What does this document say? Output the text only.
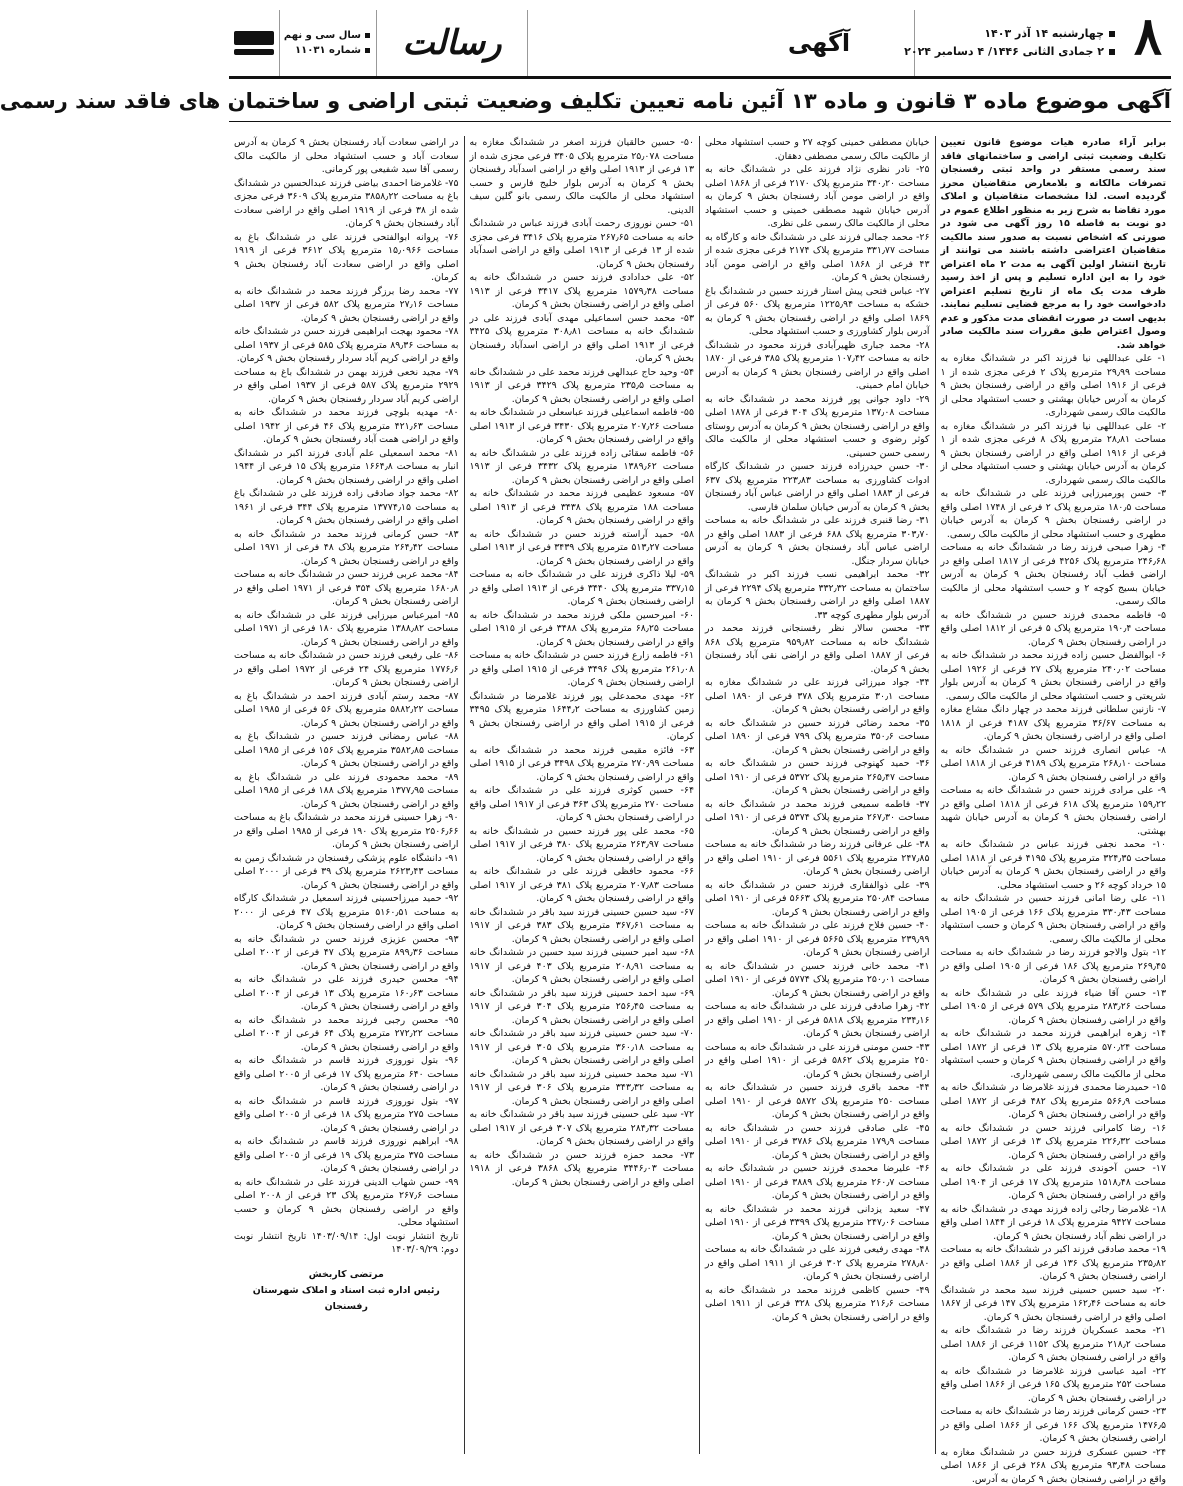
۸
چهارشنبه ۱۴ آذر ۱۴۰۳
۲ جمادی الثانی ۱۴۴۶/ ۴ دسامبر ۲۰۲۴
آگهی
رسالت
سال سی و نهم
شماره ۱۱۰۳۱
آگهی موضوع ماده ۳ قانون و ماده ۱۳ آئین نامه تعیین تکلیف وضعیت ثبتی اراضی و ساختمان های فاقد سند رسمی

برابر آراء صادره هیات موضوع قانون تعیین تکلیف وضعیت ثبتی اراضی و ساختمانهای فاقد سند رسمی مستقر در واحد ثبتی رفسنجان تصرفات مالکانه و بلامعارض متقاضیان محرز گردیده است. لذا مشخصات متقاضیان و املاک مورد تقاضا به شرح زیر به منظور اطلاع عموم در دو نوبت به فاصله ۱۵ روز آگهی می شود در صورتی که اشخاص نسبت به صدور سند مالکیت متقاضیان اعتراضی داشته باشند می توانند از تاریخ انتشار اولین آگهی به مدت ۲ ماه اعتراض خود را به این اداره تسلیم و پس از اخذ رسید ظرف مدت یک ماه از تاریخ تسلیم اعتراض دادخواست خود را به مرجع قضایی تسلیم نمایند. بدیهی است در صورت انقضای مدت مذکور و عدم وصول اعتراض طبق مقررات سند مالکیت صادر خواهد شد.

۱- علی عبداللهی نیا فرزند اکبر در ششدانگ مغازه به مساحت ۲۹٫۹۹ مترمربع پلاک ۲ فرعی مجزی شده از ۱ فرعی از ۱۹۱۶ اصلی واقع در اراضی رفسنجان بخش ۹ کرمان به آدرس خیابان بهشتی و حسب استشهاد محلی از مالکیت مالک رسمی شهرداری.

۲- علی عبداللهی نیا فرزند اکبر در ششدانگ مغازه به مساحت ۲۸٫۸۱ مترمربع پلاک ۸ فرعی مجزی شده از ۱ فرعی از ۱۹۱۶ اصلی واقع در اراضی رفسنجان بخش ۹ کرمان به آدرس خیابان بهشتی و حسب استشهاد محلی از مالکیت مالک رسمی شهرداری.

۳- حسن پورمیرزایی فرزند علی در ششدانگ خانه به مساحت ۱۸۰٫۵ مترمربع پلاک ۲ فرعی از ۱۷۴۸ اصلی واقع در اراضی رفسنجان بخش ۹ کرمان به آدرس خیابان مطهری و حسب استشهاد محلی از مالکیت مالک رسمی.

۴- زهرا صبحی فرزند رضا در ششدانگ خانه به مساحت ۲۴۶٫۶۸ مترمربع پلاک ۴۲۵۶ فرعی از ۱۸۱۷ اصلی واقع در اراضی قطب آباد رفسنجان بخش ۹ کرمان به آدرس خیابان بسیج کوچه ۲ و حسب استشهاد محلی از مالکیت مالک رسمی.

۵- فاطمه محمدی فرزند حسین در ششدانگ خانه به مساحت ۱۹۰٫۴ مترمربع پلاک ۵ فرعی از ۱۸۱۲ اصلی واقع در اراضی رفسنجان بخش ۹ کرمان.

۶- ابوالفضل حسین زاده فرزند محمد در ششدانگ خانه به مساحت ۲۴۰٫۰۲ مترمربع پلاک ۲۷ فرعی از ۱۹۲۶ اصلی واقع در اراضی رفسنجان بخش ۹ کرمان به آدرس بلوار شریعتی و حسب استشهاد محلی از مالکیت مالک رسمی.

۷- نازنین سلطانی فرزند محمد در چهار دانگ مشاع مغازه به مساحت ۳۶/۶۷ مترمربع پلاک ۴۱۸۷ فرعی از ۱۸۱۸ اصلی واقع در اراضی رفسنجان بخش ۹ کرمان.

۸- عباس انصاری فرزند حسن در ششدانگ خانه به مساحت ۲۶۸٫۱۰ مترمربع پلاک ۴۱۸۹ فرعی از ۱۸۱۸ اصلی واقع در اراضی رفسنجان بخش ۹ کرمان.

۹- علی مرادی فرزند حسن در ششدانگ خانه به مساحت ۱۵۹٫۲۲ مترمربع پلاک ۶۱۸ فرعی از ۱۸۱۸ اصلی واقع در اراضی رفسنجان بخش ۹ کرمان به آدرس خیابان شهید بهشتی.

۱۰- محمد نجفی فرزند عباس در ششدانگ خانه به مساحت ۳۲۴٫۳۵ مترمربع پلاک ۴۱۹۵ فرعی از ۱۸۱۸ اصلی واقع در اراضی رفسنجان بخش ۹ کرمان به آدرس خیابان ۱۵ خرداد کوچه ۲۶ و حسب استشهاد محلی.

۱۱- علی رضا امانی فرزند حسین در ششدانگ خانه به مساحت ۳۳۰٫۴۳ مترمربع پلاک ۱۶۶ فرعی از ۱۹۰۵ اصلی واقع در اراضی رفسنجان بخش ۹ کرمان و حسب استشهاد محلی از مالکیت مالک رسمی.

۱۲- بتول والاجو فرزند رضا در ششدانگ خانه به مساحت ۲۶۹٫۴۵ مترمربع پلاک ۱۸۶ فرعی از ۱۹۰۵ اصلی واقع در اراضی رفسنجان بخش ۹ کرمان.

۱۳- حسن آقا ضیاء فرزند علی در ششدانگ خانه به مساحت ۲۸۳٫۲۶ مترمربع پلاک ۵۷۹ فرعی از ۱۹۰۵ اصلی واقع در اراضی رفسنجان بخش ۹ کرمان.

۱۴- زهره ابراهیمی فرزند محمد در ششدانگ خانه به مساحت ۵۷۰٫۲۴ مترمربع پلاک ۱۳ فرعی از ۱۸۷۲ اصلی واقع در اراضی رفسنجان بخش ۹ کرمان و حسب استشهاد محلی از مالکیت مالک رسمی شهرداری.

۱۵- حمیدرضا محمدی فرزند غلامرضا در ششدانگ خانه به مساحت ۵۶۶٫۹ مترمربع پلاک ۴۸۲ فرعی از ۱۸۷۲ اصلی واقع در اراضی رفسنجان بخش ۹ کرمان.

۱۶- رضا کامرانی فرزند حسن در ششدانگ خانه به مساحت ۲۲۶٫۳۲ مترمربع پلاک ۱۳ فرعی از ۱۸۷۲ اصلی واقع در اراضی رفسنجان بخش ۹ کرمان.

۱۷- حسن آخوندی فرزند علی در ششدانگ خانه به مساحت ۱۵۱۸٫۴۸ مترمربع پلاک ۱۷ فرعی از ۱۹۰۴ اصلی واقع در اراضی رفسنجان بخش ۹ کرمان.

۱۸- غلامرضا رجائی زاده فرزند مهدی در ششدانگ خانه به مساحت ۹۴۲۷ مترمربع پلاک ۱۸ فرعی از ۱۸۴۴ اصلی واقع در اراضی نظم آباد رفسنجان بخش ۹ کرمان.

۱۹- محمد صادقی فرزند اکبر در ششدانگ خانه به مساحت ۲۳۵٫۸۲ مترمربع پلاک ۱۳۶ فرعی از ۱۸۸۶ اصلی واقع در اراضی رفسنجان بخش ۹ کرمان.

۲۰- سید حسین حسینی فرزند سید محمد در ششدانگ خانه به مساحت ۱۶۲٫۴۶ مترمربع پلاک ۱۴۷ فرعی از ۱۸۶۷ اصلی واقع در اراضی رفسنجان بخش ۹ کرمان.

۲۱- محمد عسکریان فرزند رضا در ششدانگ خانه به مساحت ۲۱۸٫۲ مترمربع پلاک ۱۱۵۲ فرعی از ۱۸۸۶ اصلی واقع در اراضی رفسنجان بخش ۹ کرمان.

۲۲- امید عباسی فرزند غلامرضا در ششدانگ خانه به مساحت ۲۵۲ مترمربع پلاک ۱۶۵ فرعی از ۱۸۶۶ اصلی واقع در اراضی رفسنجان بخش ۹ کرمان.

۲۳- حسن کرمانی فرزند رضا در ششدانگ خانه به مساحت ۱۴۷۶٫۵ مترمربع پلاک ۱۶۶ فرعی از ۱۸۶۶ اصلی واقع در اراضی رفسنجان بخش ۹ کرمان.

۲۴- حسین عسکری فرزند حسن در ششدانگ مغازه به مساحت ۹۳٫۴۸ مترمربع پلاک ۲۶۸ فرعی از ۱۸۶۶ اصلی واقع در اراضی رفسنجان بخش ۹ کرمان به آدرس.

خیابان مصطفی خمینی کوچه ۲۷ و حسب استشهاد محلی از مالکیت مالک رسمی مصطفی دهقان.

۲۵- نادر نظری نژاد فرزند علی در ششدانگ خانه به مساحت ۳۴۰٫۲۰ مترمربع پلاک ۲۱۷۰ فرعی از ۱۸۶۸ اصلی واقع در اراضی مومن آباد رفسنجان بخش ۹ کرمان به آدرس خیابان شهید مصطفی خمینی و حسب استشهاد محلی از مالکیت مالک رسمی علی نظری.

۲۶- محمد جمالی فرزند علی در ششدانگ خانه و کارگاه به مساحت ۳۳۱٫۷۷ مترمربع پلاک ۲۱۷۴ فرعی مجزی شده از ۴۳ فرعی از ۱۸۶۸ اصلی واقع در اراضی مومن آباد رفسنجان بخش ۹ کرمان.

۲۷- عباس فتحی پیش استار فرزند حسین در ششدانگ باغ خشکه به مساحت ۱۲۲۵٫۹۴ مترمربع پلاک ۵۶۰ فرعی از ۱۸۶۹ اصلی واقع در اراضی رفسنجان بخش ۹ کرمان به آدرس بلوار کشاورزی و حسب استشهاد محلی.

۲۸- محمد جباری ظهیرآبادی فرزند محمود در ششدانگ خانه به مساحت ۱۰۷٫۴۲ مترمربع پلاک ۳۸۵ فرعی از ۱۸۷۰ اصلی واقع در اراضی رفسنجان بخش ۹ کرمان به آدرس خیابان امام خمینی.

۲۹- داود جوانی پور فرزند محمد در ششدانگ خانه به مساحت ۱۳۷٫۰۸ مترمربع پلاک ۳۰۴ فرعی از ۱۸۷۸ اصلی واقع در اراضی رفسنجان بخش ۹ کرمان به آدرس روستای کوثر رضوی و حسب استشهاد محلی از مالکیت مالک رسمی حسن حسینی.

۳۰- حسن حیدرزاده فرزند حسین در ششدانگ کارگاه ادوات کشاورزی به مساحت ۲۲۳٫۸۳ مترمربع پلاک ۶۳۷ فرعی از ۱۸۸۳ اصلی واقع در اراضی عباس آباد رفسنجان بخش ۹ کرمان به آدرس خیابان سلمان فارسی.

۳۱- رضا قنبری فرزند علی در ششدانگ خانه به مساحت ۳۰۳٫۷۰ مترمربع پلاک ۶۸۸ فرعی از ۱۸۸۳ اصلی واقع در اراضی عباس آباد رفسنجان بخش ۹ کرمان به آدرس خیابان سردار جنگل.

۳۲- محمد ابراهیمی نسب فرزند اکبر در ششدانگ ساختمان به مساحت ۳۳۲٫۳۲ مترمربع پلاک ۲۲۹۴ فرعی از ۱۸۸۷ اصلی واقع در اراضی رفسنجان بخش ۹ کرمان به آدرس بلوار مطهری کوچه ۳۳.

۳۳- محسن سالار نظر رفسنجانی فرزند محمد در ششدانگ خانه به مساحت ۹۵۹٫۸۲ مترمربع پلاک ۸۶۸ فرعی از ۱۸۸۷ اصلی واقع در اراضی نقی آباد رفسنجان بخش ۹ کرمان.

۳۴- جواد میرزائی فرزند علی در ششدانگ مغازه به مساحت ۳۰٫۱ مترمربع پلاک ۳۷۸ فرعی از ۱۸۹۰ اصلی واقع در اراضی رفسنجان بخش ۹ کرمان.

۳۵- محمد رضائی فرزند حسین در ششدانگ خانه به مساحت ۳۵۰٫۶ مترمربع پلاک ۷۹۹ فرعی از ۱۸۹۰ اصلی واقع در اراضی رفسنجان بخش ۹ کرمان.

۳۶- حمید کهنوجی فرزند حسن در ششدانگ خانه به مساحت ۲۶۵٫۴۷ مترمربع پلاک ۵۳۷۲ فرعی از ۱۹۱۰ اصلی واقع در اراضی رفسنجان بخش ۹ کرمان.

۳۷- فاطمه سمیعی فرزند محمد در ششدانگ خانه به مساحت ۲۶۷٫۳۰ مترمربع پلاک ۵۳۷۴ فرعی از ۱۹۱۰ اصلی واقع در اراضی رفسنجان بخش ۹ کرمان.

۳۸- علی عرفانی فرزند رضا در ششدانگ خانه به مساحت ۲۴۷٫۸۵ مترمربع پلاک ۵۵۶۱ فرعی از ۱۹۱۰ اصلی واقع در اراضی رفسنجان بخش ۹ کرمان.

۳۹- علی ذوالفقاری فرزند حسن در ششدانگ خانه به مساحت ۲۵۰٫۸۴ مترمربع پلاک ۵۶۶۳ فرعی از ۱۹۱۰ اصلی واقع در اراضی رفسنجان بخش ۹ کرمان.

۴۰- حسین فلاح فرزند علی در ششدانگ خانه به مساحت ۲۳۹٫۹۹ مترمربع پلاک ۵۶۶۵ فرعی از ۱۹۱۰ اصلی واقع در اراضی رفسنجان بخش ۹ کرمان.

۴۱- محمد خانی فرزند حسین در ششدانگ خانه به مساحت ۲۵۰٫۰۱ مترمربع پلاک ۵۷۷۴ فرعی از ۱۹۱۰ اصلی واقع در اراضی رفسنجان بخش ۹ کرمان.

۴۲- زهرا صادقی فرزند علی در ششدانگ خانه به مساحت ۲۳۴٫۱۶ مترمربع پلاک ۵۸۱۸ فرعی از ۱۹۱۰ اصلی واقع در اراضی رفسنجان بخش ۹ کرمان.

۴۳- حسن مومنی فرزند علی در ششدانگ خانه به مساحت ۲۵۰ مترمربع پلاک ۵۸۶۲ فرعی از ۱۹۱۰ اصلی واقع در اراضی رفسنجان بخش ۹ کرمان.

۴۴- محمد باقری فرزند حسین در ششدانگ خانه به مساحت ۲۵۰ مترمربع پلاک ۵۸۷۲ فرعی از ۱۹۱۰ اصلی واقع در اراضی رفسنجان بخش ۹ کرمان.

۴۵- علی صادقی فرزند حسن در ششدانگ خانه به مساحت ۱۷۹٫۹ مترمربع پلاک ۳۷۸۶ فرعی از ۱۹۱۰ اصلی واقع در اراضی رفسنجان بخش ۹ کرمان.

۴۶- علیرضا محمدی فرزند حسین در ششدانگ خانه به مساحت ۲۶۰٫۷ مترمربع پلاک ۳۸۸۹ فرعی از ۱۹۱۰ اصلی واقع در اراضی رفسنجان بخش ۹ کرمان.

۴۷- سعید یزدانی فرزند محمد در ششدانگ خانه به مساحت ۲۴۷٫۰۶ مترمربع پلاک ۳۳۹۹ فرعی از ۱۹۱۰ اصلی واقع در اراضی رفسنجان بخش ۹ کرمان.

۴۸- مهدی رفیعی فرزند علی در ششدانگ خانه به مساحت ۲۷۸٫۸۰ مترمربع پلاک ۳۰۲ فرعی از ۱۹۱۱ اصلی واقع در اراضی رفسنجان بخش ۹ کرمان.

۴۹- حسین کاظمی فرزند محمد در ششدانگ خانه به مساحت ۲۱۶٫۶ مترمربع پلاک ۳۲۸ فرعی از ۱۹۱۱ اصلی واقع در اراضی رفسنجان بخش ۹ کرمان.

۵۰- حسین خالقیان فرزند اصغر در ششدانگ مغازه به مساحت ۲۵٫۰۷۸ مترمربع پلاک ۳۴۰۵ فرعی مجزی شده از ۱۳ فرعی از ۱۹۱۳ اصلی واقع در اراضی اسدآباد رفسنجان بخش ۹ کرمان به آدرس بلوار خلیج فارس و حسب استشهاد محلی از مالکیت مالک رسمی بانو گلین سیف الدینی.

۵۱- حسن نوروزی رحمت آبادی فرزند عباس در ششدانگ خانه به مساحت ۲۶۷٫۶۵ مترمربع پلاک ۳۴۱۶ فرعی مجزی شده از ۱۳ فرعی از ۱۹۱۳ اصلی واقع در اراضی اسدآباد رفسنجان بخش ۹ کرمان.

۵۲- علی خدادادی فرزند حسن در ششدانگ خانه به مساحت ۱۵۷۹٫۳۸ مترمربع پلاک ۳۴۱۷ فرعی از ۱۹۱۳ اصلی واقع در اراضی رفسنجان بخش ۹ کرمان.

۵۳- محمد حسن اسماعیلی مهدی آبادی فرزند علی در ششدانگ خانه به مساحت ۳۰۸٫۸۱ مترمربع پلاک ۳۴۲۵ فرعی از ۱۹۱۳ اصلی واقع در اراضی اسدآباد رفسنجان بخش ۹ کرمان.

۵۴- وحید حاج عبدالهی فرزند محمد علی در ششدانگ خانه به مساحت ۲۳۵٫۵ مترمربع پلاک ۳۴۲۹ فرعی از ۱۹۱۳ اصلی واقع در اراضی رفسنجان بخش ۹ کرمان.

۵۵- فاطمه اسماعیلی فرزند عباسعلی در ششدانگ خانه به مساحت ۲۰۷٫۲۶ مترمربع پلاک ۳۴۳۰ فرعی از ۱۹۱۳ اصلی واقع در اراضی رفسنجان بخش ۹ کرمان.

۵۶- فاطمه سقائی زاده فرزند علی در ششدانگ خانه به مساحت ۱۳۸۹٫۶۲ مترمربع پلاک ۳۴۳۲ فرعی از ۱۹۱۳ اصلی واقع در اراضی رفسنجان بخش ۹ کرمان.

۵۷- مسعود عظیمی فرزند محمد در ششدانگ خانه به مساحت ۱۸۸ مترمربع پلاک ۳۴۳۸ فرعی از ۱۹۱۳ اصلی واقع در اراضی رفسنجان بخش ۹ کرمان.

۵۸- حمید آراسته فرزند حسن در ششدانگ خانه به مساحت ۵۱۳٫۲۷ مترمربع پلاک ۳۴۳۹ فرعی از ۱۹۱۳ اصلی واقع در اراضی رفسنجان بخش ۹ کرمان.

۵۹- لیلا ذاکری فرزند علی در ششدانگ خانه به مساحت ۳۳۷٫۱۵ مترمربع پلاک ۳۴۴۰ فرعی از ۱۹۱۳ اصلی واقع در اراضی رفسنجان بخش ۹ کرمان.

۶۰- امیرحسین ملکی فرزند محمد در ششدانگ خانه به مساحت ۶۸٫۲۵ مترمربع پلاک ۳۴۸۸ فرعی از ۱۹۱۵ اصلی واقع در اراضی رفسنجان بخش ۹ کرمان.

۶۱- فاطمه زارع فرزند حسن در ششدانگ خانه به مساحت ۲۶۱٫۰۸ مترمربع پلاک ۳۴۹۶ فرعی از ۱۹۱۵ اصلی واقع در اراضی رفسنجان بخش ۹ کرمان.

۶۲- مهدی محمدعلی پور فرزند غلامرضا در ششدانگ زمین کشاورزی به مساحت ۱۶۴۴٫۲ مترمربع پلاک ۳۴۹۵ فرعی از ۱۹۱۵ اصلی واقع در اراضی رفسنجان بخش ۹ کرمان.

۶۳- فائزه مقیمی فرزند محمد در ششدانگ خانه به مساحت ۲۷۰٫۹۹ مترمربع پلاک ۳۴۹۸ فرعی از ۱۹۱۵ اصلی واقع در اراضی رفسنجان بخش ۹ کرمان.

۶۴- حسین کوثری فرزند علی در ششدانگ خانه به مساحت ۲۷۰ مترمربع پلاک ۳۶۳ فرعی از ۱۹۱۷ اصلی واقع در اراضی رفسنجان بخش ۹ کرمان.

۶۵- محمد علی پور فرزند حسین در ششدانگ خانه به مساحت ۲۶۳٫۹۷ مترمربع پلاک ۳۸۰ فرعی از ۱۹۱۷ اصلی واقع در اراضی رفسنجان بخش ۹ کرمان.

۶۶- محمود حافظی فرزند علی در ششدانگ خانه به مساحت ۲۰۷٫۸۳ مترمربع پلاک ۳۸۱ فرعی از ۱۹۱۷ اصلی واقع در اراضی رفسنجان بخش ۹ کرمان.

۶۷- سید حسین حسینی فرزند سید باقر در ششدانگ خانه به مساحت ۳۶۷٫۶۱ مترمربع پلاک ۳۸۳ فرعی از ۱۹۱۷ اصلی واقع در اراضی رفسنجان بخش ۹ کرمان.

۶۸- سید امیر حسینی فرزند سید حسین در ششدانگ خانه به مساحت ۲۰۸٫۹۱ مترمربع پلاک ۴۰۳ فرعی از ۱۹۱۷ اصلی واقع در اراضی رفسنجان بخش ۹ کرمان.

۶۹- سید احمد حسینی فرزند سید باقر در ششدانگ خانه به مساحت ۲۵۶٫۴۵ مترمربع پلاک ۳۰۴ فرعی از ۱۹۱۷ اصلی واقع در اراضی رفسنجان بخش ۹ کرمان.

۷۰- سید حسن حسینی فرزند سید باقر در ششدانگ خانه به مساحت ۳۶۰٫۱۸ مترمربع پلاک ۳۰۵ فرعی از ۱۹۱۷ اصلی واقع در اراضی رفسنجان بخش ۹ کرمان.

۷۱- سید محمد حسینی فرزند سید باقر در ششدانگ خانه به مساحت ۳۴۳٫۳۲ مترمربع پلاک ۳۰۶ فرعی از ۱۹۱۷ اصلی واقع در اراضی رفسنجان بخش ۹ کرمان.

۷۲- سید علی حسینی فرزند سید باقر در ششدانگ خانه به مساحت ۲۸۴٫۳۲ مترمربع پلاک ۳۰۷ فرعی از ۱۹۱۷ اصلی واقع در اراضی رفسنجان بخش ۹ کرمان.

۷۳- محمد حمزه فرزند حسن در ششدانگ خانه به مساحت ۳۴۴۶٫۰۳ مترمربع پلاک ۳۸۶۸ فرعی از ۱۹۱۸ اصلی واقع در اراضی رفسنجان بخش ۹ کرمان.

در اراضی سعادت آباد رفسنجان بخش ۹ کرمان به آدرس سعادت آباد و حسب استشهاد محلی از مالکیت مالک رسمی آقا سید شفیعی پور کرمانی.

۷۵- غلامرضا احمدی بیاضی فرزند عبدالحسین در ششدانگ باغ به مساحت ۳۸۵۸٫۲۲ مترمربع پلاک ۳۶۰۹ فرعی مجزی شده از ۳۸ فرعی از ۱۹۱۹ اصلی واقع در اراضی سعادت آباد رفسنجان بخش ۹ کرمان.

۷۶- پروانه ابوالفتحی فرزند علی در ششدانگ باغ به مساحت ۱۵٫۰۹۶۶ مترمربع پلاک ۳۶۱۲ فرعی از ۱۹۱۹ اصلی واقع در اراضی سعادت آباد رفسنجان بخش ۹ کرمان.

۷۷- محمد رضا برزگر فرزند محمد در ششدانگ خانه به مساحت ۲۷٫۱۶ مترمربع پلاک ۵۸۲ فرعی از ۱۹۳۷ اصلی واقع در اراضی رفسنجان بخش ۹ کرمان.

۷۸- محمود بهجت ابراهیمی فرزند حسن در ششدانگ خانه به مساحت ۸۹٫۳۶ مترمربع پلاک ۵۸۵ فرعی از ۱۹۳۷ اصلی واقع در اراضی کریم آباد سردار رفسنجان بخش ۹ کرمان.

۷۹- مجید نخعی فرزند بهمن در ششدانگ باغ به مساحت ۲۹۲۹ مترمربع پلاک ۵۸۷ فرعی از ۱۹۳۷ اصلی واقع در اراضی کریم آباد سردار رفسنجان بخش ۹ کرمان.

۸۰- مهدیه بلوچی فرزند محمد در ششدانگ خانه به مساحت ۴۲۱٫۶۳ مترمربع پلاک ۴۶ فرعی از ۱۹۴۲ اصلی واقع در اراضی همت آباد رفسنجان بخش ۹ کرمان.

۸۱- محمد اسمعیلی علم آبادی فرزند اکبر در ششدانگ انبار به مساحت ۱۶۶۴٫۸ مترمربع پلاک ۱۵ فرعی از ۱۹۴۴ اصلی واقع در اراضی رفسنجان بخش ۹ کرمان.

۸۲- محمد جواد صادقی زاده فرزند علی در ششدانگ باغ به مساحت ۱۳۷۷۴٫۱۵ مترمربع پلاک ۳۴۴ فرعی از ۱۹۶۱ اصلی واقع در اراضی رفسنجان بخش ۹ کرمان.

۸۳- حسن کرمانی فرزند محمد در ششدانگ خانه به مساحت ۲۶۴٫۴۲ مترمربع پلاک ۴۸ فرعی از ۱۹۷۱ اصلی واقع در اراضی رفسنجان بخش ۹ کرمان.

۸۴- محمد عربی فرزند حسن در ششدانگ خانه به مساحت ۱۶۸۰٫۸ مترمربع پلاک ۳۵۴ فرعی از ۱۹۷۱ اصلی واقع در اراضی رفسنجان بخش ۹ کرمان.

۸۵- امیرعباس میرزایی فرزند علی در ششدانگ خانه به مساحت ۱۳۸۸٫۸۲ مترمربع پلاک ۱۸۰ فرعی از ۱۹۷۱ اصلی واقع در اراضی رفسنجان بخش ۹ کرمان.

۸۶- علی رفیعی فرزند حسن در ششدانگ خانه به مساحت ۱۷۷۶٫۶ مترمربع پلاک ۲۴ فرعی از ۱۹۷۲ اصلی واقع در اراضی رفسنجان بخش ۹ کرمان.

۸۷- محمد رستم آبادی فرزند احمد در ششدانگ باغ به مساحت ۵۸۸۲٫۲۲ مترمربع پلاک ۵۶ فرعی از ۱۹۸۵ اصلی واقع در اراضی رفسنجان بخش ۹ کرمان.

۸۸- عباس رمضانی فرزند حسین در ششدانگ باغ به مساحت ۳۵۸۲٫۸۵ مترمربع پلاک ۱۵۶ فرعی از ۱۹۸۵ اصلی واقع در اراضی رفسنجان بخش ۹ کرمان.

۸۹- محمد محمودی فرزند علی در ششدانگ باغ به مساحت ۱۳۷۷٫۹۵ مترمربع پلاک ۱۸۸ فرعی از ۱۹۸۵ اصلی واقع در اراضی رفسنجان بخش ۹ کرمان.

۹۰- زهرا حسینی فرزند محمد در ششدانگ باغ به مساحت ۲۵۰۶٫۶۶ مترمربع پلاک ۱۹۰ فرعی از ۱۹۸۵ اصلی واقع در اراضی رفسنجان بخش ۹ کرمان.

۹۱- دانشگاه علوم پزشکی رفسنجان در ششدانگ زمین به مساحت ۲۶۲۳٫۴۳ مترمربع پلاک ۳۹ فرعی از ۲۰۰۰ اصلی واقع در اراضی رفسنجان بخش ۹ کرمان.

۹۲- حمید میرزاحسینی فرزند اسمعیل در ششدانگ کارگاه به مساحت ۵۱۶۰٫۵۱ مترمربع پلاک ۴۷ فرعی از ۲۰۰۰ اصلی واقع در اراضی رفسنجان بخش ۹ کرمان.

۹۳- محسن عزیزی فرزند حسن در ششدانگ خانه به مساحت ۸۹۹٫۳۶ مترمربع پلاک ۴۷ فرعی از ۲۰۰۲ اصلی واقع در اراضی رفسنجان بخش ۹ کرمان.

۹۴- محسن حیدری فرزند علی در ششدانگ خانه به مساحت ۱۶۰٫۶۳ مترمربع پلاک ۱۳ فرعی از ۲۰۰۴ اصلی واقع در اراضی رفسنجان بخش ۹ کرمان.

۹۵- محسن رجبی فرزند محمد در ششدانگ خانه به مساحت ۲۷۲٫۲۲ مترمربع پلاک ۶۴ فرعی از ۲۰۰۴ اصلی واقع در اراضی رفسنجان بخش ۹ کرمان.

۹۶- بتول نوروزی فرزند قاسم در ششدانگ خانه به مساحت ۶۴۰ مترمربع پلاک ۱۷ فرعی از ۲۰۰۵ اصلی واقع در اراضی رفسنجان بخش ۹ کرمان.

۹۷- بتول نوروزی فرزند قاسم در ششدانگ خانه به مساحت ۲۷۵ مترمربع پلاک ۱۸ فرعی از ۲۰۰۵ اصلی واقع در اراضی رفسنجان بخش ۹ کرمان.

۹۸- ابراهیم نوروزی فرزند قاسم در ششدانگ خانه به مساحت ۳۷۵ مترمربع پلاک ۱۹ فرعی از ۲۰۰۵ اصلی واقع در اراضی رفسنجان بخش ۹ کرمان.

۹۹- حسن شهاب الدینی فرزند علی در ششدانگ خانه به مساحت ۲۶۷٫۶ مترمربع پلاک ۲۳ فرعی از ۲۰۰۸ اصلی واقع در اراضی رفسنجان بخش ۹ کرمان و حسب استشهاد محلی.

تاریخ انتشار نوبت اول: ۱۴۰۳/۰۹/۱۴ تاریخ انتشار نوبت دوم: ۱۴۰۳/۰۹/۲۹

مرتضی کاربخش
رئیس اداره ثبت اسناد و املاک شهرستان رفسنجان
